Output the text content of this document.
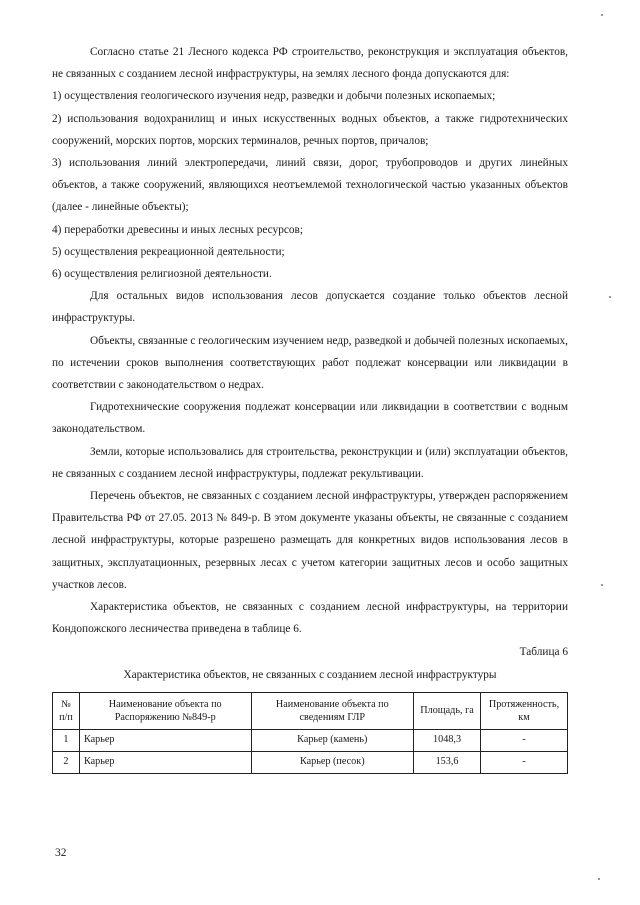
Согласно статье 21 Лесного кодекса РФ строительство, реконструкция и эксплуатация объектов, не связанных с созданием лесной инфраструктуры, на землях лесного фонда допускаются для:

1) осуществления геологического изучения недр, разведки и добычи полезных ископаемых;

2) использования водохранилищ и иных искусственных водных объектов, а также гидротехнических сооружений, морских портов, морских терминалов, речных портов, причалов;

3) использования линий электропередачи, линий связи, дорог, трубопроводов и других линейных объектов, а также сооружений, являющихся неотъемлемой технологической частью указанных объектов (далее - линейные объекты);

4) переработки древесины и иных лесных ресурсов;

5) осуществления рекреационной деятельности;

6) осуществления религиозной деятельности.

Для остальных видов использования лесов допускается создание только объектов лесной инфраструктуры.

Объекты, связанные с геологическим изучением недр, разведкой и добычей полезных ископаемых, по истечении сроков выполнения соответствующих работ подлежат консервации или ликвидации в соответствии с законодательством о недрах.

Гидротехнические сооружения подлежат консервации или ликвидации в соответствии с водным законодательством.

Земли, которые использовались для строительства, реконструкции и (или) эксплуатации объектов, не связанных с созданием лесной инфраструктуры, подлежат рекультивации.

Перечень объектов, не связанных с созданием лесной инфраструктуры, утвержден распоряжением Правительства РФ от 27.05. 2013 № 849-р. В этом документе указаны объекты, не связанные с созданием лесной инфраструктуры, которые разрешено размещать для конкретных видов использования лесов в защитных, эксплуатационных, резервных лесах с учетом категории защитных лесов и особо защитных участков лесов.

Характеристика объектов, не связанных с созданием лесной инфраструктуры, на территории Кондопожского лесничества приведена в таблице 6.

Таблица 6

Характеристика объектов, не связанных с созданием лесной инфраструктуры

№ п/п	Наименование объекта по Распоряжению №849-р	Наименование объекта по сведениям ГЛР	Площадь, га	Протяженность, км
1	Карьер	Карьер (камень)	1048,3	-
2	Карьер	Карьер (песок)	153,6	-
32
